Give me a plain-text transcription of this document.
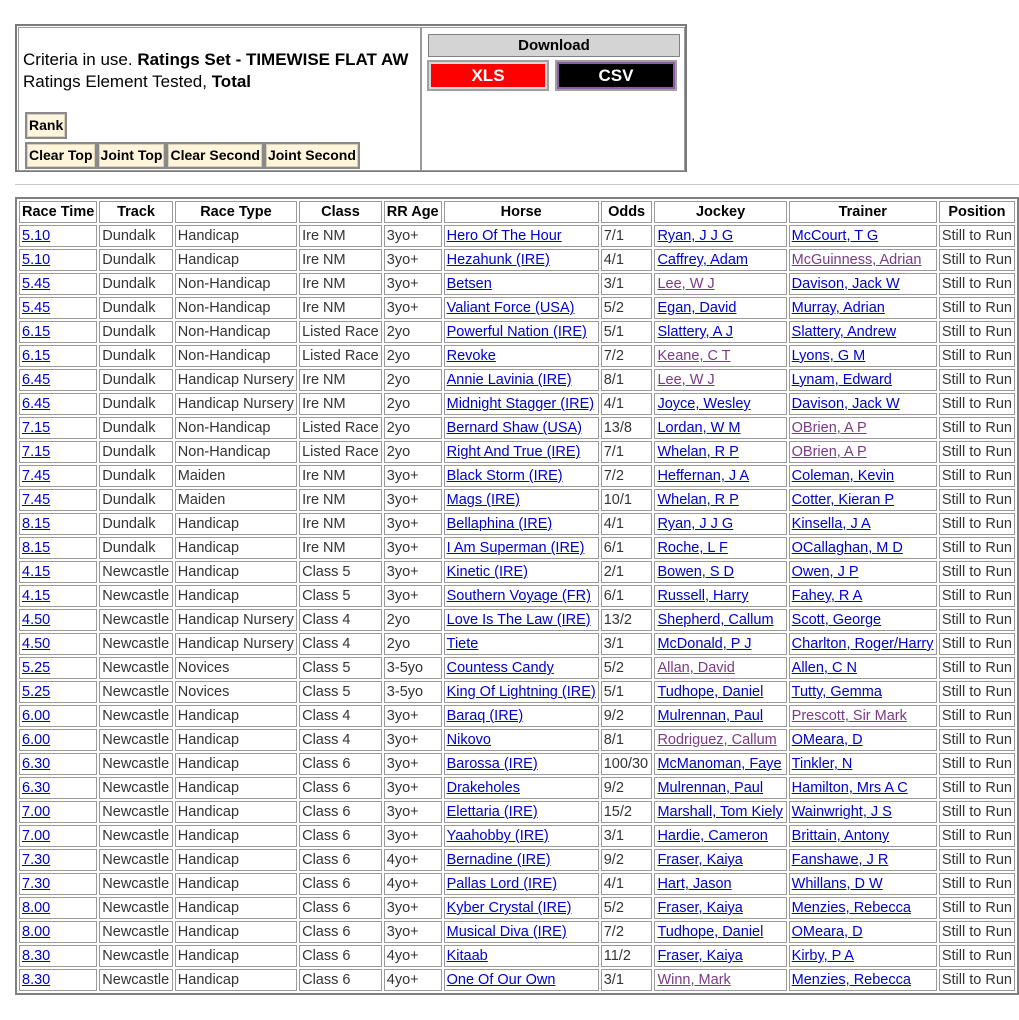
Criteria in use. Ratings Set - TIMEWISE FLAT AW
Ratings Element Tested, Total
Rank
Clear Top Joint Top Clear Second Joint Second
Download
XLS	CSV
Race Time	Track	Race Type	Class	RR Age	Horse	Odds	Jockey	Trainer	Position
5.10	Dundalk	Handicap	Ire NM	3yo+	Hero Of The Hour	7/1	Ryan, J J G	McCourt, T G	Still to Run
5.10	Dundalk	Handicap	Ire NM	3yo+	Hezahunk (IRE)	4/1	Caffrey, Adam	McGuinness, Adrian	Still to Run
5.45	Dundalk	Non-Handicap	Ire NM	3yo+	Betsen	3/1	Lee, W J	Davison, Jack W	Still to Run
5.45	Dundalk	Non-Handicap	Ire NM	3yo+	Valiant Force (USA)	5/2	Egan, David	Murray, Adrian	Still to Run
6.15	Dundalk	Non-Handicap	Listed Race	2yo	Powerful Nation (IRE)	5/1	Slattery, A J	Slattery, Andrew	Still to Run
6.15	Dundalk	Non-Handicap	Listed Race	2yo	Revoke	7/2	Keane, C T	Lyons, G M	Still to Run
6.45	Dundalk	Handicap Nursery	Ire NM	2yo	Annie Lavinia (IRE)	8/1	Lee, W J	Lynam, Edward	Still to Run
6.45	Dundalk	Handicap Nursery	Ire NM	2yo	Midnight Stagger (IRE)	4/1	Joyce, Wesley	Davison, Jack W	Still to Run
7.15	Dundalk	Non-Handicap	Listed Race	2yo	Bernard Shaw (USA)	13/8	Lordan, W M	OBrien, A P	Still to Run
7.15	Dundalk	Non-Handicap	Listed Race	2yo	Right And True (IRE)	7/1	Whelan, R P	OBrien, A P	Still to Run
7.45	Dundalk	Maiden	Ire NM	3yo+	Black Storm (IRE)	7/2	Heffernan, J A	Coleman, Kevin	Still to Run
7.45	Dundalk	Maiden	Ire NM	3yo+	Mags (IRE)	10/1	Whelan, R P	Cotter, Kieran P	Still to Run
8.15	Dundalk	Handicap	Ire NM	3yo+	Bellaphina (IRE)	4/1	Ryan, J J G	Kinsella, J A	Still to Run
8.15	Dundalk	Handicap	Ire NM	3yo+	I Am Superman (IRE)	6/1	Roche, L F	OCallaghan, M D	Still to Run
4.15	Newcastle	Handicap	Class 5	3yo+	Kinetic (IRE)	2/1	Bowen, S D	Owen, J P	Still to Run
4.15	Newcastle	Handicap	Class 5	3yo+	Southern Voyage (FR)	6/1	Russell, Harry	Fahey, R A	Still to Run
4.50	Newcastle	Handicap Nursery	Class 4	2yo	Love Is The Law (IRE)	13/2	Shepherd, Callum	Scott, George	Still to Run
4.50	Newcastle	Handicap Nursery	Class 4	2yo	Tiete	3/1	McDonald, P J	Charlton, Roger/Harry	Still to Run
5.25	Newcastle	Novices	Class 5	3-5yo	Countess Candy	5/2	Allan, David	Allen, C N	Still to Run
5.25	Newcastle	Novices	Class 5	3-5yo	King Of Lightning (IRE)	5/1	Tudhope, Daniel	Tutty, Gemma	Still to Run
6.00	Newcastle	Handicap	Class 4	3yo+	Baraq (IRE)	9/2	Mulrennan, Paul	Prescott, Sir Mark	Still to Run
6.00	Newcastle	Handicap	Class 4	3yo+	Nikovo	8/1	Rodriguez, Callum	OMeara, D	Still to Run
6.30	Newcastle	Handicap	Class 6	3yo+	Barossa (IRE)	100/30	McManoman, Faye	Tinkler, N	Still to Run
6.30	Newcastle	Handicap	Class 6	3yo+	Drakeholes	9/2	Mulrennan, Paul	Hamilton, Mrs A C	Still to Run
7.00	Newcastle	Handicap	Class 6	3yo+	Elettaria (IRE)	15/2	Marshall, Tom Kiely	Wainwright, J S	Still to Run
7.00	Newcastle	Handicap	Class 6	3yo+	Yaahobby (IRE)	3/1	Hardie, Cameron	Brittain, Antony	Still to Run
7.30	Newcastle	Handicap	Class 6	4yo+	Bernadine (IRE)	9/2	Fraser, Kaiya	Fanshawe, J R	Still to Run
7.30	Newcastle	Handicap	Class 6	4yo+	Pallas Lord (IRE)	4/1	Hart, Jason	Whillans, D W	Still to Run
8.00	Newcastle	Handicap	Class 6	3yo+	Kyber Crystal (IRE)	5/2	Fraser, Kaiya	Menzies, Rebecca	Still to Run
8.00	Newcastle	Handicap	Class 6	3yo+	Musical Diva (IRE)	7/2	Tudhope, Daniel	OMeara, D	Still to Run
8.30	Newcastle	Handicap	Class 6	4yo+	Kitaab	11/2	Fraser, Kaiya	Kirby, P A	Still to Run
8.30	Newcastle	Handicap	Class 6	4yo+	One Of Our Own	3/1	Winn, Mark	Menzies, Rebecca	Still to Run
